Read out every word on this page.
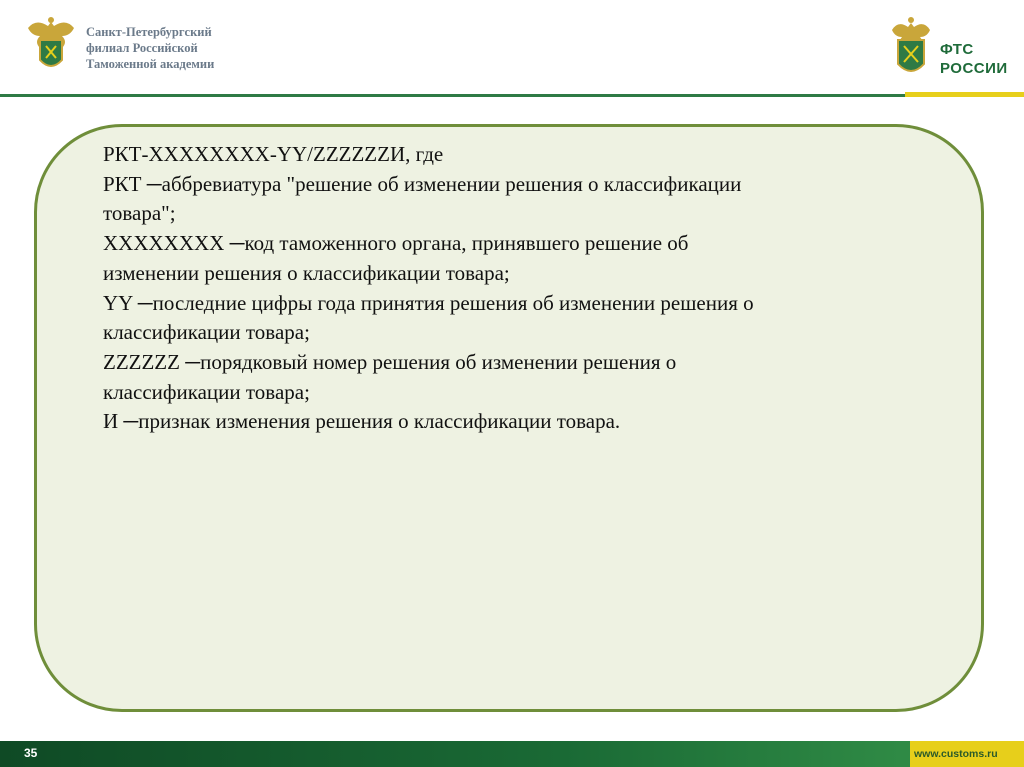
Санкт-Петербургский
филиал Российской
Таможенной академии
ФТС
РОССИИ

РКТ-XXXXXXXX-YY/ZZZZZZИ, где

РКТ ─аббревиатура "решение об изменении решения о классификации

товара";

XXXXXXXX ─код таможенного органа, принявшего решение об

изменении решения о классификации товара;

YY ─последние цифры года принятия решения об изменении решения о

классификации товара;

ZZZZZZ ─порядковый номер решения об изменении решения о

классификации товара;

И ─признак изменения решения о классификации товара.

35	www.customs.ru
